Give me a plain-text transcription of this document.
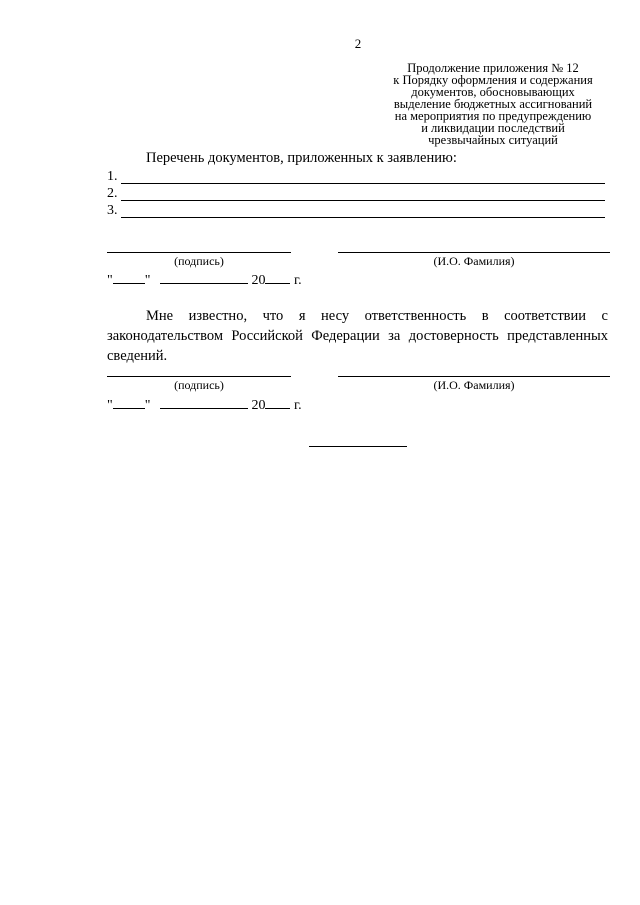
2
Продолжение приложения № 12
к Порядку оформления и содержания
документов, обосновывающих
выделение бюджетных ассигнований
на мероприятия по предупреждению
и ликвидации последствий
чрезвычайных ситуаций
Перечень документов, приложенных к заявлению:
1.
2.
3.
(подпись)	(И.О. Фамилия)
" "	20 г.
Мне известно, что я несу ответственность в соответствии с законодательством Российской Федерации за достоверность представленных сведений.
(подпись)	(И.О. Фамилия)
" "	20 г.
